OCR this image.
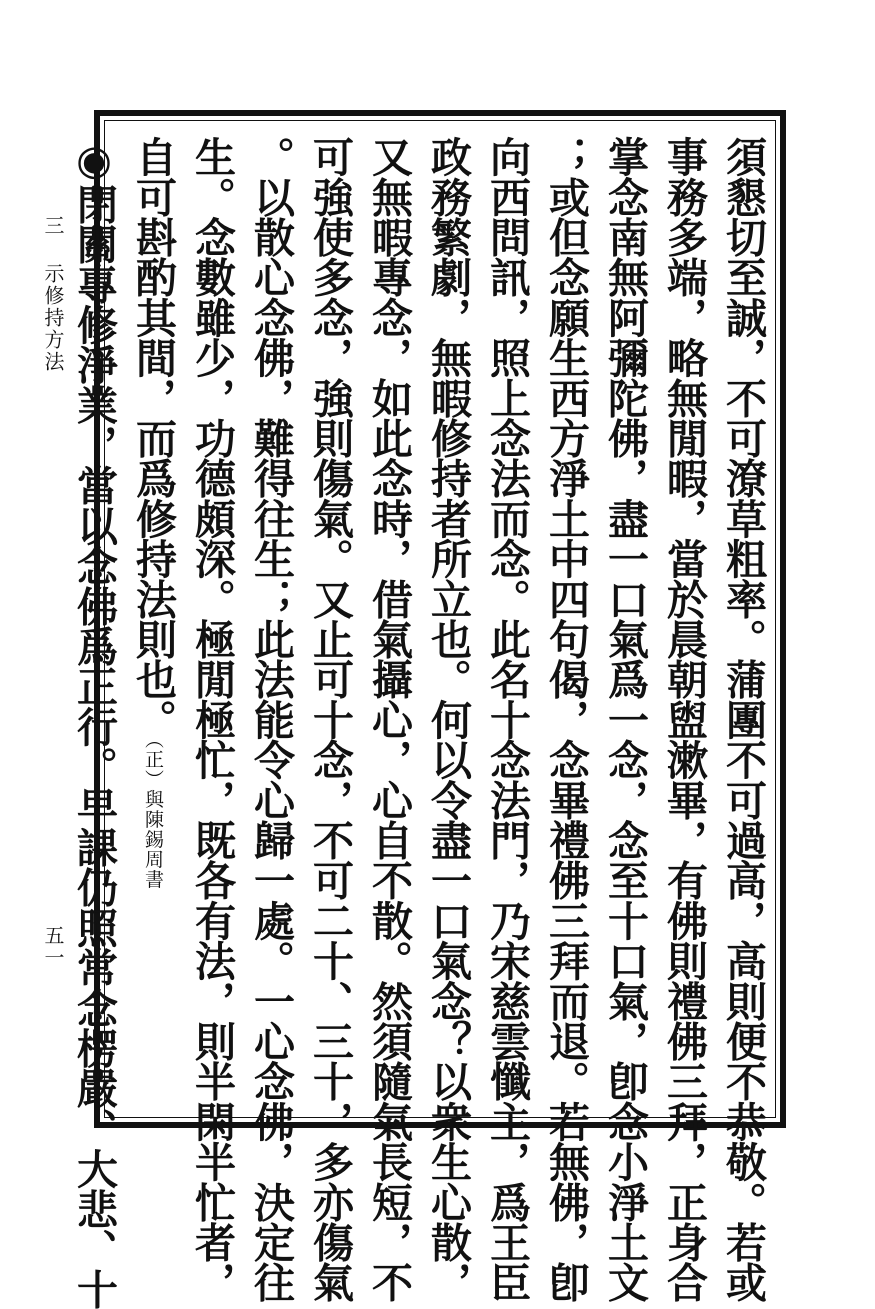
三 示修持方法
五一	須懇切至誠，不可潦草粗率。蒲團不可過高，高則便不恭敬。若或
事務多端，略無閒暇，當於晨朝盥漱畢，有佛則禮佛三拜，正身合
掌念南無阿彌陀佛，盡一口氣爲一念，念至十口氣，卽念小淨土文
；或但念願生西方淨土中四句偈，念畢禮佛三拜而退。若無佛，卽
向西問訊，照上念法而念。此名十念法門，乃宋慈雲懺主，爲王臣
政務繁劇，無暇修持者所立也。何以令盡一口氣念？以衆生心散，
又無暇專念，如此念時，借氣攝心，心自不散。然須隨氣長短，不
可強使多念，強則傷氣。又止可十念，不可二十、三十，多亦傷氣
。以散心念佛，難得往生；此法能令心歸一處。一心念佛，決定往
生。念數雖少，功德頗深。極閒極忙，既各有法，則半閑半忙者，
自可斟酌其間，而爲修持法則也。（正）與陳錫周書
◉閉關專修淨業，當以念佛爲正行。早課仍照常念楞嚴、大悲、十
